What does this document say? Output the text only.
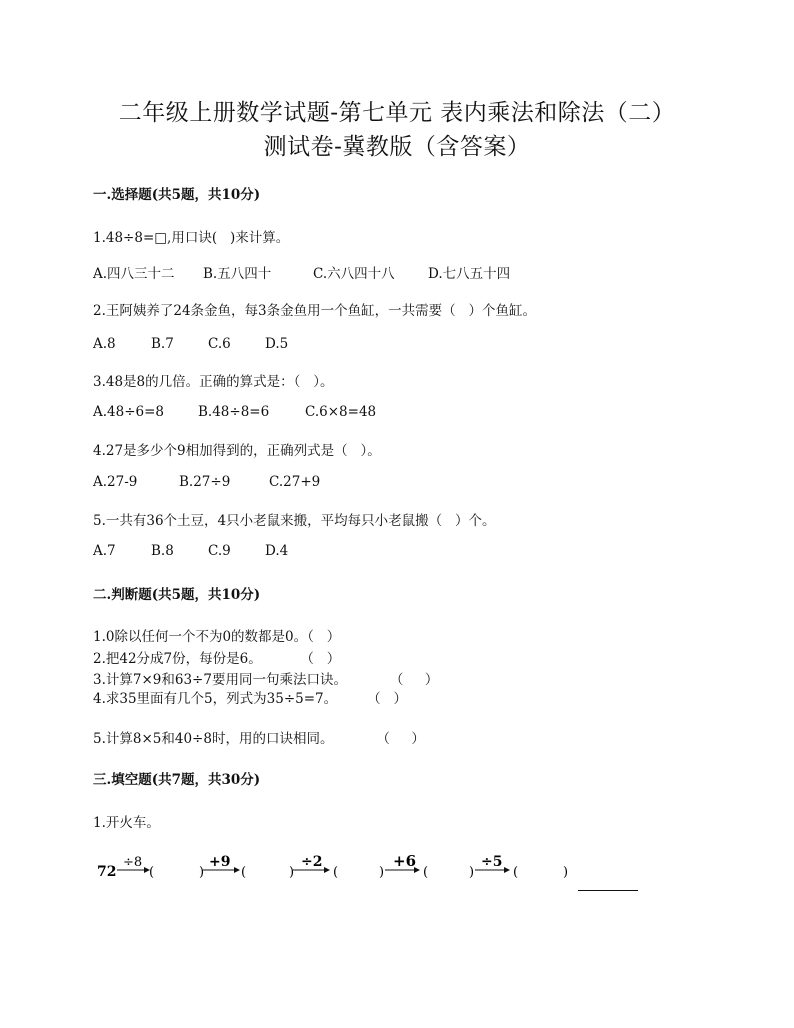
二年级上册数学试题-第七单元 表内乘法和除法（二）
测试卷-冀教版（含答案）
一.选择题(共5题，共10分)
1.48÷8=□,用口诀(   )来计算。
A.四八三十二 B.五八四十	C.六八四十八 D.七八五十四
2.王阿姨养了24条金鱼，每3条金鱼用一个鱼缸，一共需要（   ）个鱼缸。
A.8	B.7	C.6	D.5
3.48是8的几倍。正确的算式是：（   ）。
A.48÷6=8	B.48÷8=6	C.6×8=48
4.27是多少个9相加得到的，正确列式是（   ）。
A.27-9	B.27÷9	C.27+9
5.一共有36个土豆，4只小老鼠来搬，平均每只小老鼠搬（   ）个。
A.7	B.8	C.9	D.4
二.判断题(共5题，共10分)
1.0除以任何一个不为0的数都是0。（   ）
2.把42分成7份，每份是6。         （   ）
3.计算7×9和63÷7要用同一句乘法口诀。          （     ）
4.求35里面有几个5，列式为35÷5=7。       （   ）
5.计算8×5和40÷8时，用的口诀相同。          （     ）
三.填空题(共7题，共30分)
1.开火车。
72
÷8
(	)
+9
(	)
÷2
(	)
+6
(	)
÷5
(	)
